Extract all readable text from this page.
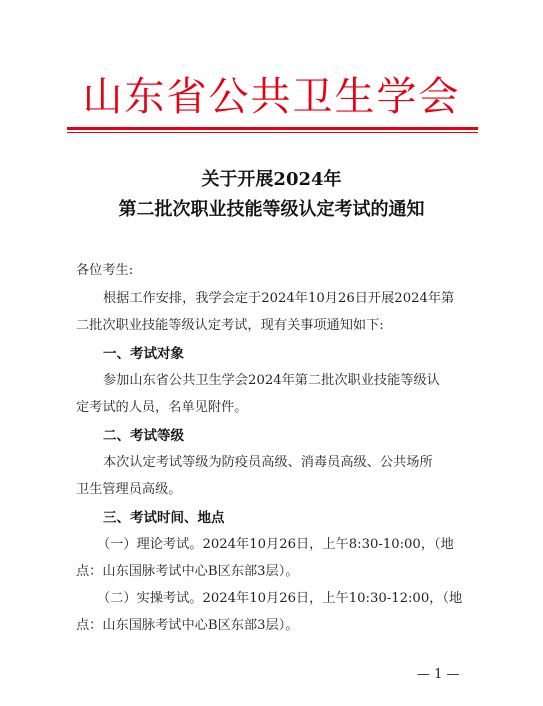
山东省公共卫生学会
关于开展2024年
第二批次职业技能等级认定考试的通知
各位考生:
根据工作安排，我学会定于2024年10月26日开展2024年第
二批次职业技能等级认定考试，现有关事项通知如下:
一、考试对象
参加山东省公共卫生学会2024年第二批次职业技能等级认
定考试的人员，名单见附件。
二、考试等级
本次认定考试等级为防疫员高级、消毒员高级、公共场所
卫生管理员高级。
三、考试时间、地点
（一）理论考试。2024年10月26日，上午8:30-10:00，（地
点：山东国脉考试中心B区东部3层）。
（二）实操考试。2024年10月26日，上午10:30-12:00，（地
点：山东国脉考试中心B区东部3层）。
— 1 —
